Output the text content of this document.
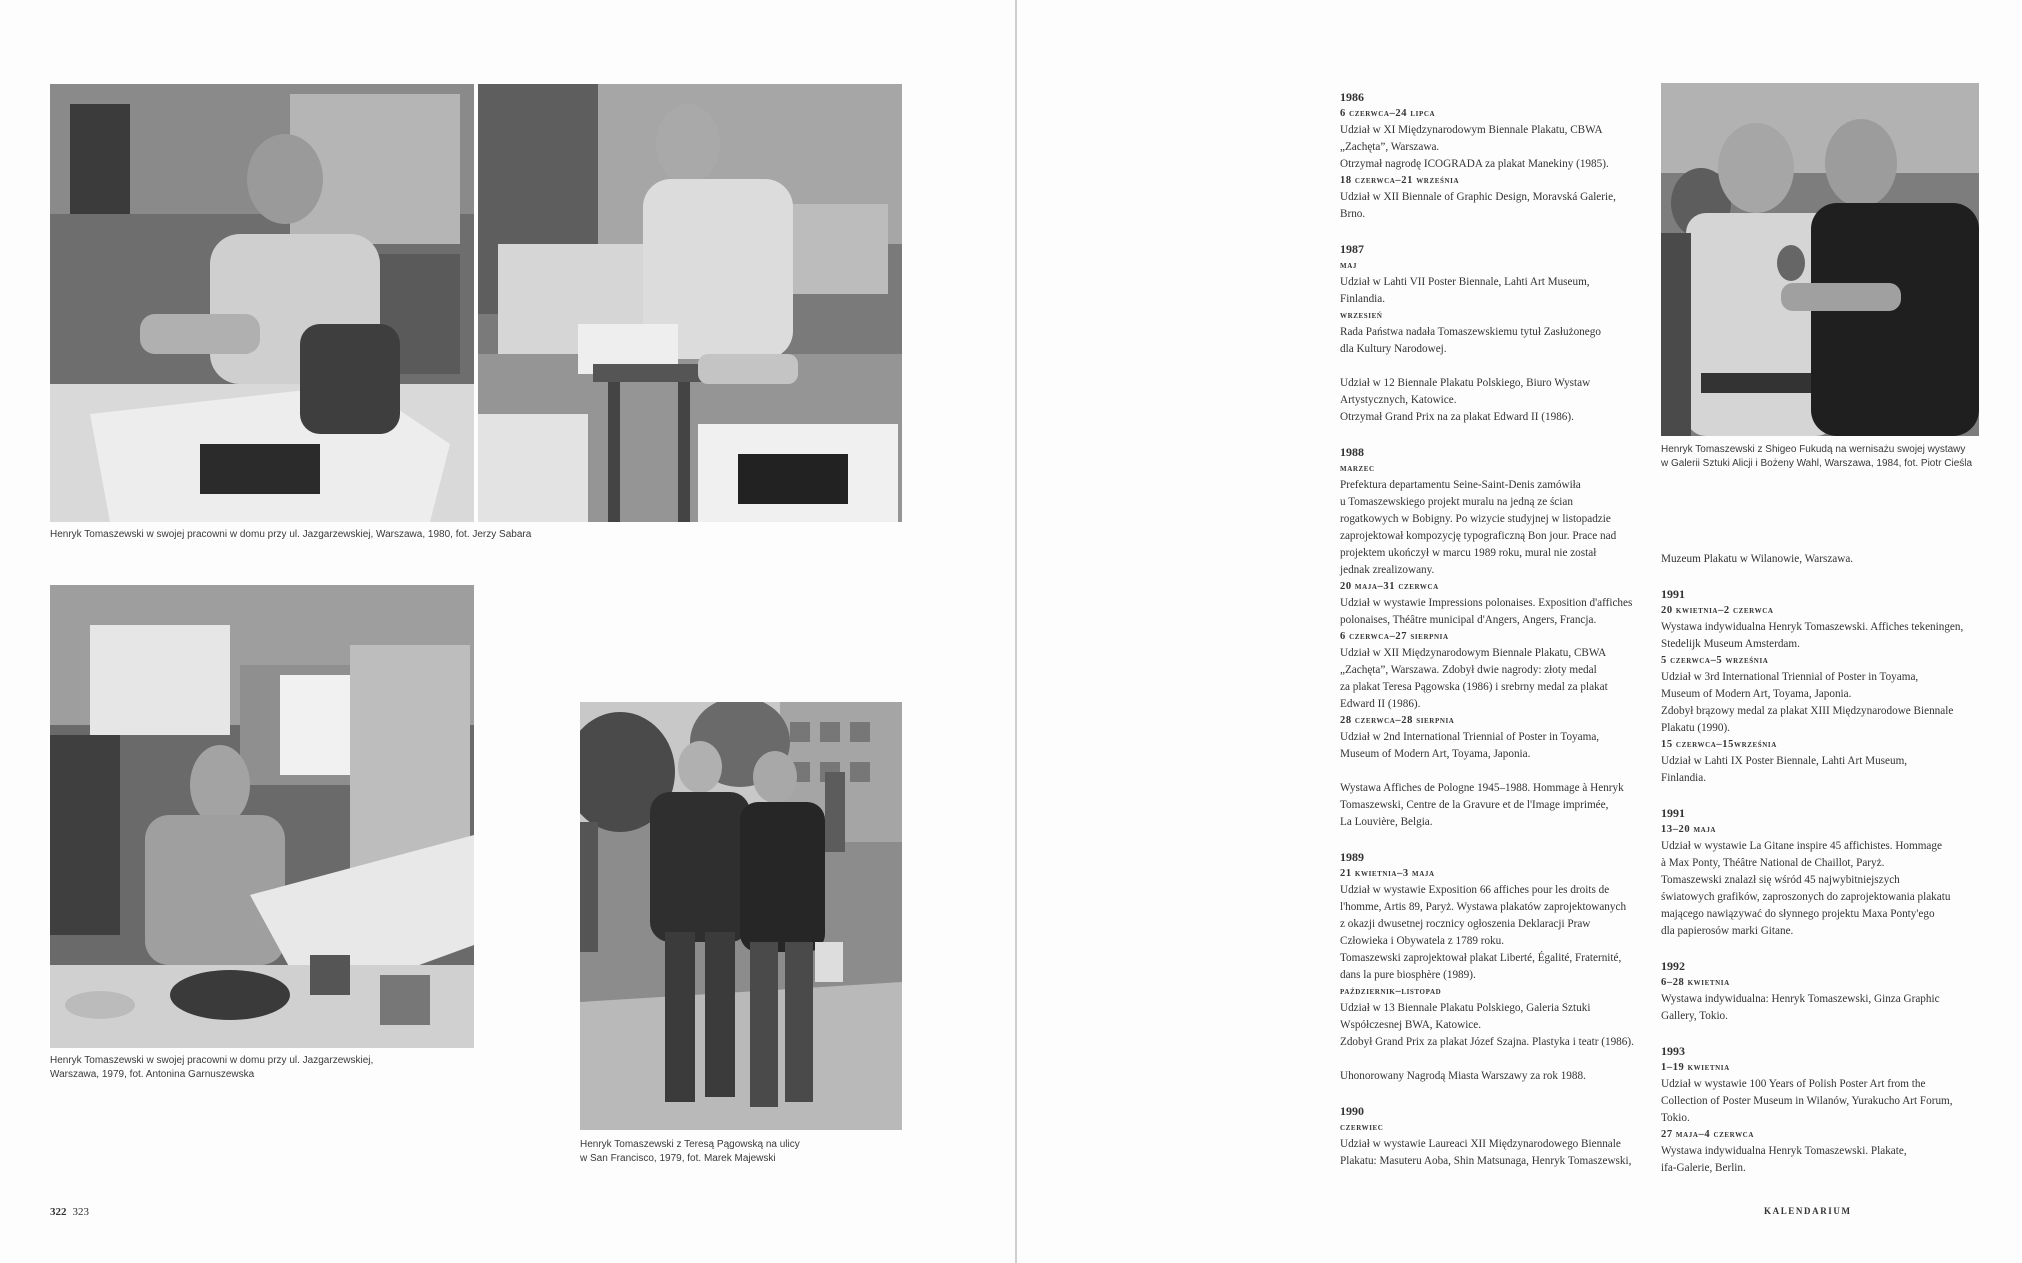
Henryk Tomaszewski w swojej pracowni w domu przy ul. Jazgarzewskiej, Warszawa, 1980, fot. Jerzy Sabara
Henryk Tomaszewski w swojej pracowni w domu przy ul. Jazgarzewskiej,
Warszawa, 1979, fot. Antonina Garnuszewska
Henryk Tomaszewski z Teresą Pągowską na ulicy
w San Francisco, 1979, fot. Marek Majewski
322 323
1986
6 czerwca–24 lipca
Udział w XI Międzynarodowym Biennale Plakatu, CBWA
„Zachęta”, Warszawa.
Otrzymał nagrodę ICOGRADA za plakat Manekiny (1985).
18 czerwca–21 września
Udział w XII Biennale of Graphic Design, Moravská Galerie,
Brno.
1987
maj
Udział w Lahti VII Poster Biennale, Lahti Art Museum,
Finlandia.
wrzesień
Rada Państwa nadała Tomaszewskiemu tytuł Zasłużonego
dla Kultury Narodowej.
Udział w 12 Biennale Plakatu Polskiego, Biuro Wystaw
Artystycznych, Katowice.
Otrzymał Grand Prix na za plakat Edward II (1986).
1988
marzec
Prefektura departamentu Seine-Saint-Denis zamówiła
u Tomaszewskiego projekt muralu na jedną ze ścian
rogatkowych w Bobigny. Po wizycie studyjnej w listopadzie
zaprojektował kompozycję typograficzną Bon jour. Prace nad
projektem ukończył w marcu 1989 roku, mural nie został
jednak zrealizowany.
20 maja–31 czerwca
Udział w wystawie Impressions polonaises. Exposition d'affiches
polonaises, Théâtre municipal d'Angers, Angers, Francja.
6 czerwca–27 sierpnia
Udział w XII Międzynarodowym Biennale Plakatu, CBWA
„Zachęta”, Warszawa. Zdobył dwie nagrody: złoty medal
za plakat Teresa Pągowska (1986) i srebrny medal za plakat
Edward II (1986).
28 czerwca–28 sierpnia
Udział w 2nd International Triennial of Poster in Toyama,
Museum of Modern Art, Toyama, Japonia.
Wystawa Affiches de Pologne 1945–1988. Hommage à Henryk
Tomaszewski, Centre de la Gravure et de l'Image imprimée,
La Louvière, Belgia.
1989
21 kwietnia–3 maja
Udział w wystawie Exposition 66 affiches pour les droits de
l'homme, Artis 89, Paryż. Wystawa plakatów zaprojektowanych
z okazji dwusetnej rocznicy ogłoszenia Deklaracji Praw
Człowieka i Obywatela z 1789 roku.
Tomaszewski zaprojektował plakat Liberté, Égalité, Fraternité,
dans la pure biosphère (1989).
październik–listopad
Udział w 13 Biennale Plakatu Polskiego, Galeria Sztuki
Współczesnej BWA, Katowice.
Zdobył Grand Prix za plakat Józef Szajna. Plastyka i teatr (1986).
Uhonorowany Nagrodą Miasta Warszawy za rok 1988.
1990
czerwiec
Udział w wystawie Laureaci XII Międzynarodowego Biennale
Plakatu: Masuteru Aoba, Shin Matsunaga, Henryk Tomaszewski,
Henryk Tomaszewski z Shigeo Fukudą na wernisażu swojej wystawy
w Galerii Sztuki Alicji i Bożeny Wahl, Warszawa, 1984, fot. Piotr Cieśla
Muzeum Plakatu w Wilanowie, Warszawa.
1991
20 kwietnia–2 czerwca
Wystawa indywidualna Henryk Tomaszewski. Affiches tekeningen,
Stedelijk Museum Amsterdam.
5 czerwca–5 września
Udział w 3rd International Triennial of Poster in Toyama,
Museum of Modern Art, Toyama, Japonia.
Zdobył brązowy medal za plakat XIII Międzynarodowe Biennale
Plakatu (1990).
15 czerwca–15września
Udział w Lahti IX Poster Biennale, Lahti Art Museum,
Finlandia.
1991
13–20 maja
Udział w wystawie La Gitane inspire 45 affichistes. Hommage
à Max Ponty, Théâtre National de Chaillot, Paryż.
Tomaszewski znalazł się wśród 45 najwybitniejszych
światowych grafików, zaproszonych do zaprojektowania plakatu
mającego nawiązywać do słynnego projektu Maxa Ponty'ego
dla papierosów marki Gitane.
1992
6–28 kwietnia
Wystawa indywidualna: Henryk Tomaszewski, Ginza Graphic
Gallery, Tokio.
1993
1–19 kwietnia
Udział w wystawie 100 Years of Polish Poster Art from the
Collection of Poster Museum in Wilanów, Yurakucho Art Forum,
Tokio.
27 maja–4 czerwca
Wystawa indywidualna Henryk Tomaszewski. Plakate,
ifa-Galerie, Berlin.
KALENDARIUM
